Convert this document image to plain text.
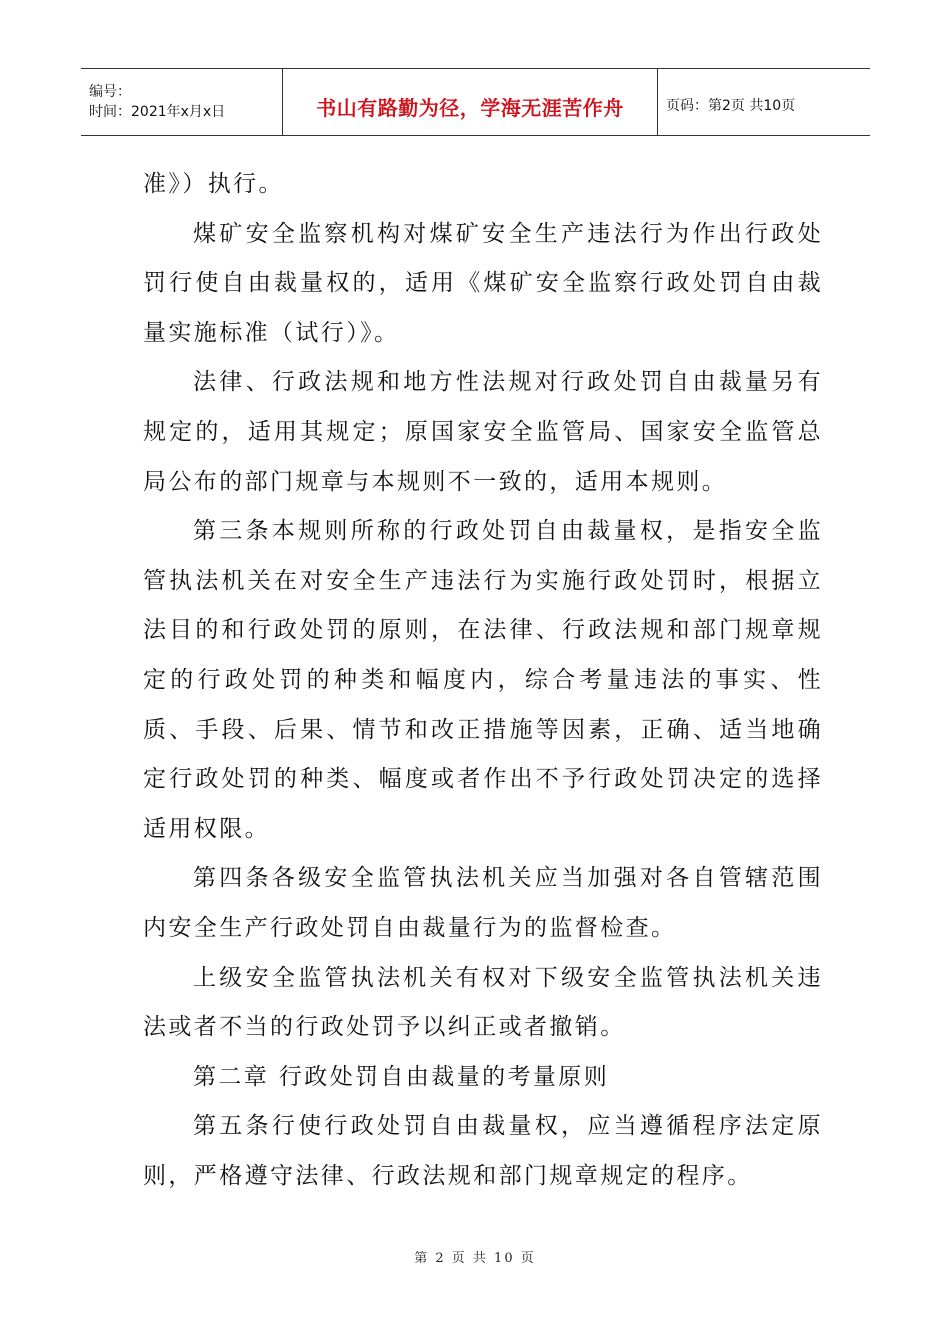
编号：
时间：2021年x月x日	书山有路勤为径，学海无涯苦作舟	页码：第2页 共10页

准》）执行。

煤矿安全监察机构对煤矿安全生产违法行为作出行政处罚行使自由裁量权的，适用《煤矿安全监察行政处罚自由裁量实施标准（试行）》。

法律、行政法规和地方性法规对行政处罚自由裁量另有规定的，适用其规定；原国家安全监管局、国家安全监管总局公布的部门规章与本规则不一致的，适用本规则。

第三条本规则所称的行政处罚自由裁量权，是指安全监管执法机关在对安全生产违法行为实施行政处罚时，根据立法目的和行政处罚的原则，在法律、行政法规和部门规章规定的行政处罚的种类和幅度内，综合考量违法的事实、性质、手段、后果、情节和改正措施等因素，正确、适当地确定行政处罚的种类、幅度或者作出不予行政处罚决定的选择适用权限。

第四条各级安全监管执法机关应当加强对各自管辖范围内安全生产行政处罚自由裁量行为的监督检查。

上级安全监管执法机关有权对下级安全监管执法机关违法或者不当的行政处罚予以纠正或者撤销。

第二章 行政处罚自由裁量的考量原则

第五条行使行政处罚自由裁量权，应当遵循程序法定原则，严格遵守法律、行政法规和部门规章规定的程序。

第 2 页 共 10 页
